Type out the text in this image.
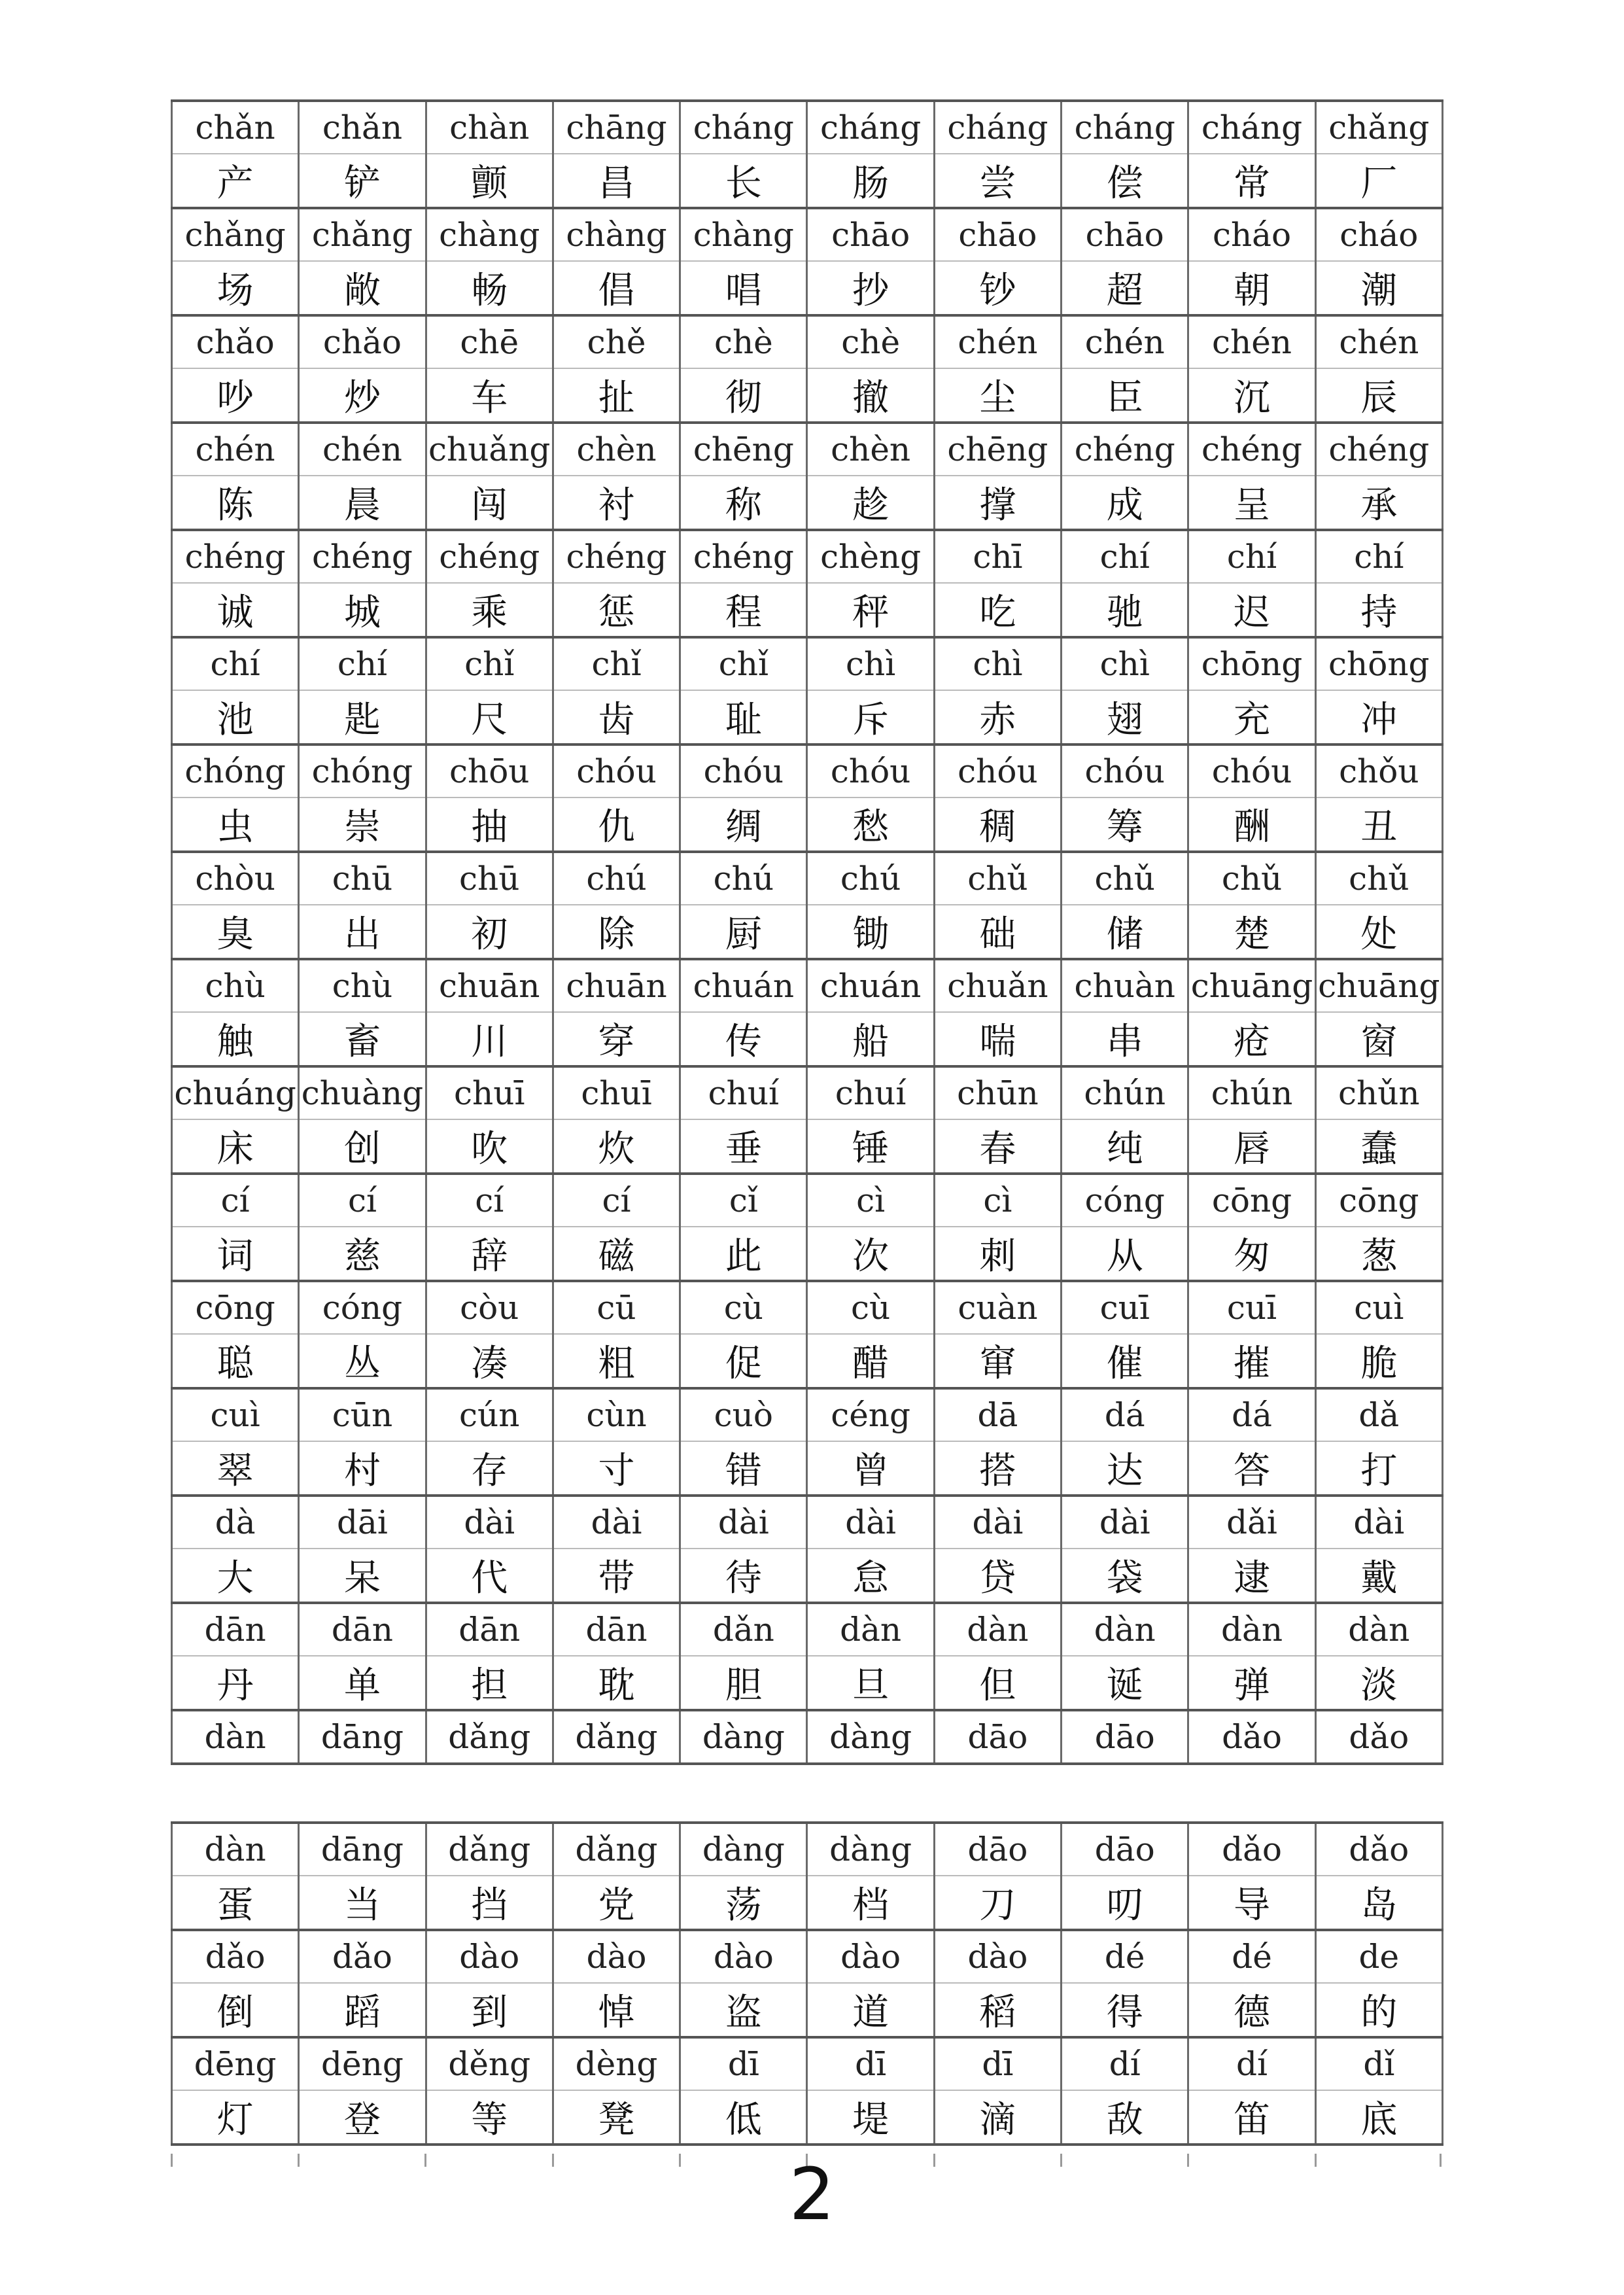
chǎn	chǎn	chàn	chāng	cháng	cháng	cháng	cháng	cháng	chǎng
产	铲	颤	昌	长	肠	尝	偿	常	厂
chǎng	chǎng	chàng	chàng	chàng	chāo	chāo	chāo	cháo	cháo
场	敞	畅	倡	唱	抄	钞	超	朝	潮
chǎo	chǎo	chē	chě	chè	chè	chén	chén	chén	chén
吵	炒	车	扯	彻	撤	尘	臣	沉	辰
chén	chén	chuǎng	chèn	chēng	chèn	chēng	chéng	chéng	chéng
陈	晨	闯	衬	称	趁	撑	成	呈	承
chéng	chéng	chéng	chéng	chéng	chèng	chī	chí	chí	chí
诚	城	乘	惩	程	秤	吃	驰	迟	持
chí	chí	chǐ	chǐ	chǐ	chì	chì	chì	chōng	chōng
池	匙	尺	齿	耻	斥	赤	翅	充	冲
chóng	chóng	chōu	chóu	chóu	chóu	chóu	chóu	chóu	chǒu
虫	崇	抽	仇	绸	愁	稠	筹	酬	丑
chòu	chū	chū	chú	chú	chú	chǔ	chǔ	chǔ	chǔ
臭	出	初	除	厨	锄	础	储	楚	处
chù	chù	chuān	chuān	chuán	chuán	chuǎn	chuàn	chuāng	chuāng
触	畜	川	穿	传	船	喘	串	疮	窗
chuáng	chuàng	chuī	chuī	chuí	chuí	chūn	chún	chún	chǔn
床	创	吹	炊	垂	锤	春	纯	唇	蠢
cí	cí	cí	cí	cǐ	cì	cì	cóng	cōng	cōng
词	慈	辞	磁	此	次	刺	从	匆	葱
cōng	cóng	còu	cū	cù	cù	cuàn	cuī	cuī	cuì
聪	丛	凑	粗	促	醋	窜	催	摧	脆
cuì	cūn	cún	cùn	cuò	céng	dā	dá	dá	dǎ
翠	村	存	寸	错	曾	搭	达	答	打
dà	dāi	dài	dài	dài	dài	dài	dài	dǎi	dài
大	呆	代	带	待	怠	贷	袋	逮	戴
dān	dān	dān	dān	dǎn	dàn	dàn	dàn	dàn	dàn
丹	单	担	耽	胆	旦	但	诞	弹	淡
dàn	dāng	dǎng	dǎng	dàng	dàng	dāo	dāo	dǎo	dǎo

dàn	dāng	dǎng	dǎng	dàng	dàng	dāo	dāo	dǎo	dǎo
蛋	当	挡	党	荡	档	刀	叨	导	岛
dǎo	dǎo	dào	dào	dào	dào	dào	dé	dé	de
倒	蹈	到	悼	盗	道	稻	得	德	的
dēng	dēng	děng	dèng	dī	dī	dī	dí	dí	dǐ
灯	登	等	凳	低	堤	滴	敌	笛	底

2
